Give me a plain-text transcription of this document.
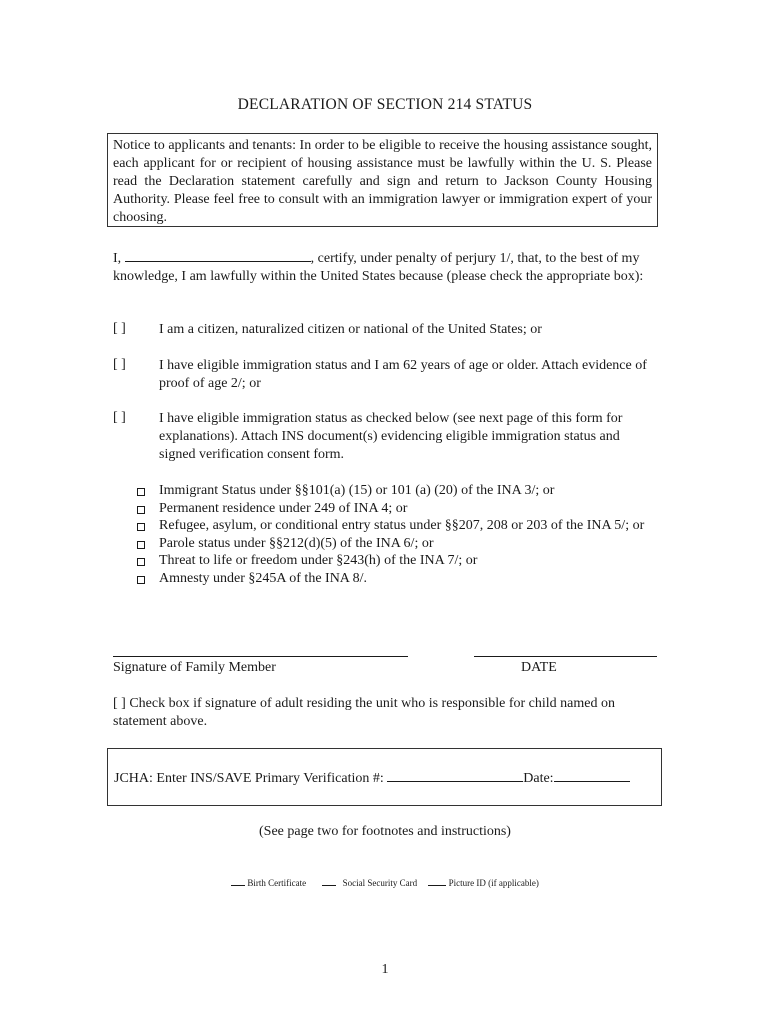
DECLARATION OF SECTION 214 STATUS
Notice to applicants and tenants: In order to be eligible to receive the housing assistance sought, each applicant for or recipient of housing assistance must be lawfully within the U. S. Please read the Declaration statement carefully and sign and return to Jackson County Housing Authority. Please feel free to consult with an immigration lawyer or immigration expert of your choosing.
I,	, certify, under penalty of perjury 1/, that, to the best of my knowledge, I am lawfully within the United States because (please check the appropriate box):
[ ] I am a citizen, naturalized citizen or national of the United States; or
[ ] I have eligible immigration status and I am 62 years of age or older. Attach evidence of proof of age 2/; or
[ ] I have eligible immigration status as checked below (see next page of this form for explanations). Attach INS document(s) evidencing eligible immigration status and signed verification consent form.
Immigrant Status under §§101(a) (15) or 101 (a) (20) of the INA 3/; or
Permanent residence under 249 of INA 4; or
Refugee, asylum, or conditional entry status under §§207, 208 or 203 of the INA 5/; or
Parole status under §§212(d)(5) of the INA 6/; or
Threat to life or freedom under §243(h) of the INA 7/; or
Amnesty under §245A of the INA 8/.
Signature of Family Member	DATE
[ ] Check box if signature of adult residing the unit who is responsible for child named on statement above.
JCHA: Enter INS/SAVE Primary Verification #:	Date:
(See page two for footnotes and instructions)
Birth Certificate	Social Security Card	Picture ID (if applicable)
1
